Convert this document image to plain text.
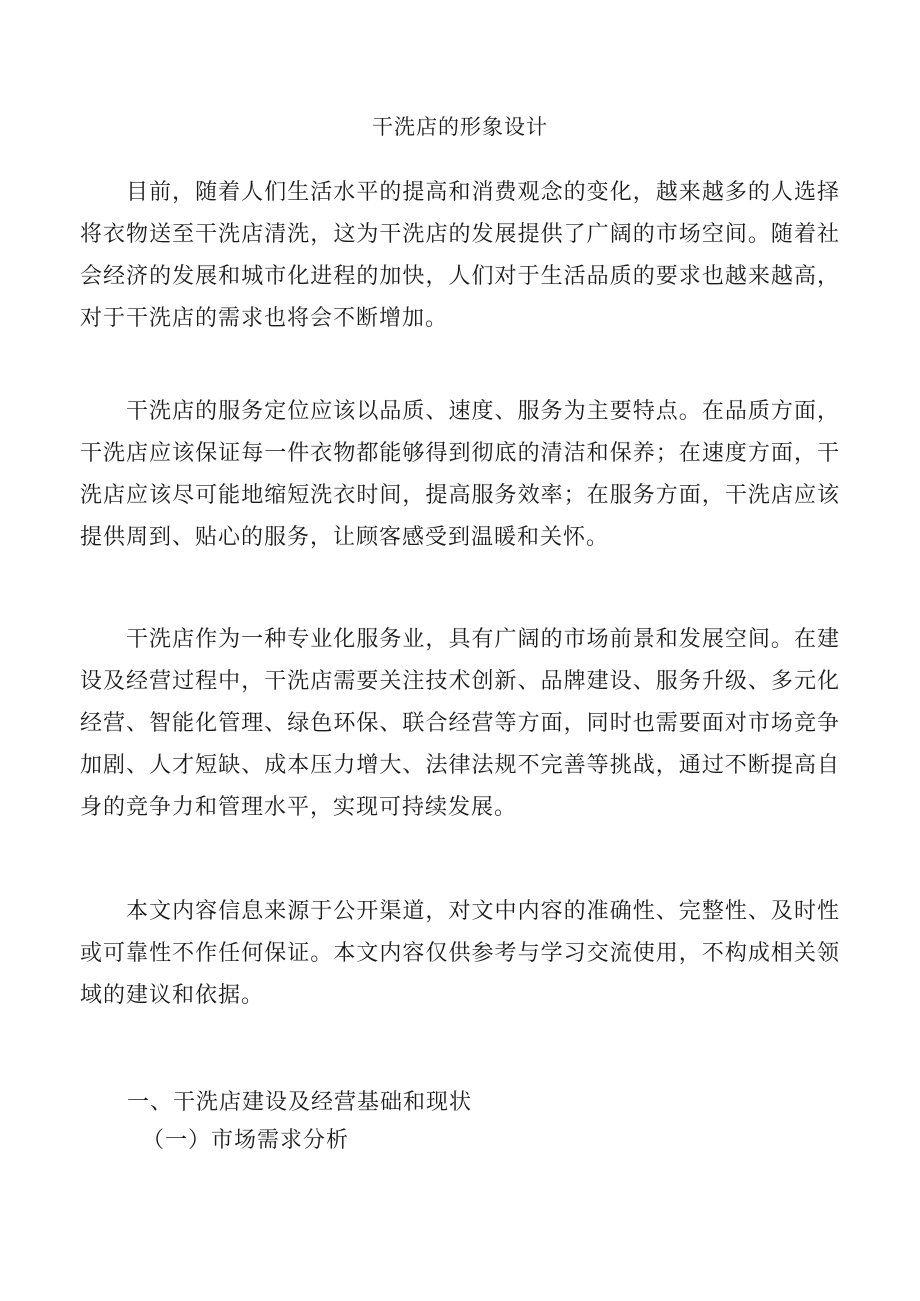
干洗店的形象设计

目前，随着人们生活水平的提高和消费观念的变化，越来越多的人选择将衣物送至干洗店清洗，这为干洗店的发展提供了广阔的市场空间。随着社会经济的发展和城市化进程的加快，人们对于生活品质的要求也越来越高，对于干洗店的需求也将会不断增加。

干洗店的服务定位应该以品质、速度、服务为主要特点。在品质方面，干洗店应该保证每一件衣物都能够得到彻底的清洁和保养；在速度方面，干洗店应该尽可能地缩短洗衣时间，提高服务效率；在服务方面，干洗店应该提供周到、贴心的服务，让顾客感受到温暖和关怀。

干洗店作为一种专业化服务业，具有广阔的市场前景和发展空间。在建设及经营过程中，干洗店需要关注技术创新、品牌建设、服务升级、多元化经营、智能化管理、绿色环保、联合经营等方面，同时也需要面对市场竞争加剧、人才短缺、成本压力增大、法律法规不完善等挑战，通过不断提高自身的竞争力和管理水平，实现可持续发展。

本文内容信息来源于公开渠道，对文中内容的准确性、完整性、及时性或可靠性不作任何保证。本文内容仅供参考与学习交流使用，不构成相关领域的建议和依据。

一、干洗店建设及经营基础和现状
（一）市场需求分析
